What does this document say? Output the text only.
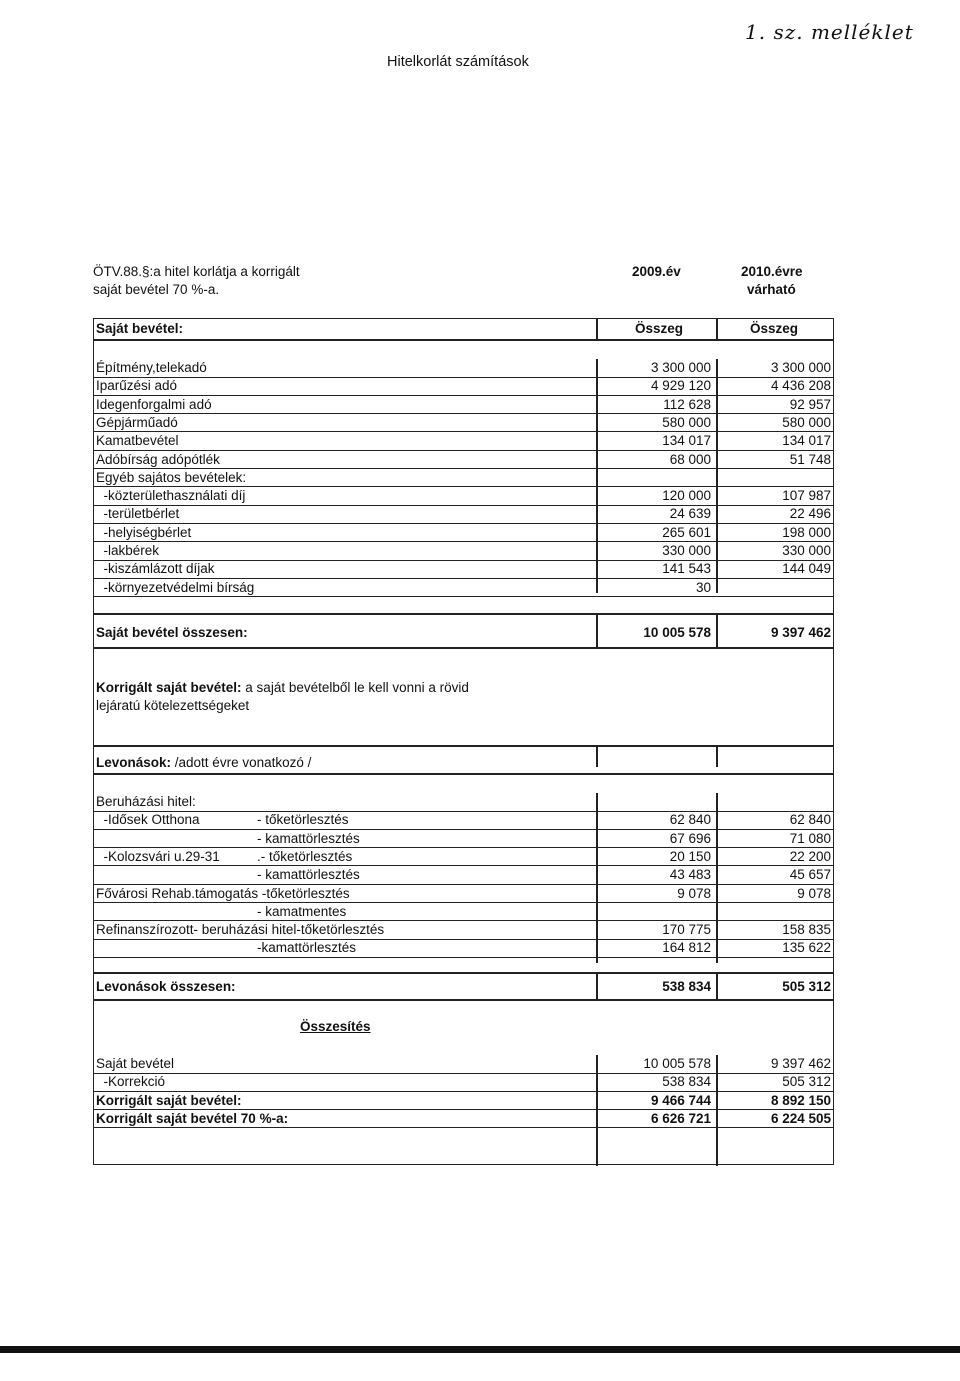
Hitelkorlát számítások
1. sz. melléklet
ÖTV.88.§:a hitel korlátja a korrigált
saját bevétel 70 %-a.
2009.év	2010.évre
várható
Saját bevétel:	Összeg	Összeg
Építmény,telekadó	3 300 000	3 300 000
Iparűzési adó	4 929 120	4 436 208
Idegenforgalmi adó	112 628	92 957
Gépjárműadó	580 000	580 000
Kamatbevétel	134 017	134 017
Adóbírság adópótlék	68 000	51 748
Egyéb sajátos bevételek:
-közterülethasználati díj	120 000	107 987
-területbérlet	24 639	22 496
-helyiségbérlet	265 601	198 000
-lakbérek	330 000	330 000
-kiszámlázott díjak	141 543	144 049
-környezetvédelmi bírság	30
Saját bevétel összesen:	10 005 578	9 397 462
Korrigált saját bevétel: a saját bevételből le kell vonni a rövid
lejáratú kötelezettségeket
Levonások: /adott évre vonatkozó /
Beruházási hitel:
-Idősek Otthona	- tőketörlesztés	62 840	62 840
- kamattörlesztés	67 696	71 080
-Kolozsvári u.29-31	.- tőketörlesztés	20 150	22 200
- kamattörlesztés	43 483	45 657
Fővárosi Rehab.támogatás -tőketörlesztés	9 078	9 078
- kamatmentes
Refinanszírozott- beruházási hitel-tőketörlesztés	170 775	158 835
-kamattörlesztés	164 812	135 622
Levonások összesen:	538 834	505 312
Összesítés
Saját bevétel	10 005 578	9 397 462
-Korrekció	538 834	505 312
Korrigált saját bevétel:	9 466 744	8 892 150
Korrigált saját bevétel 70 %-a:	6 626 721	6 224 505
